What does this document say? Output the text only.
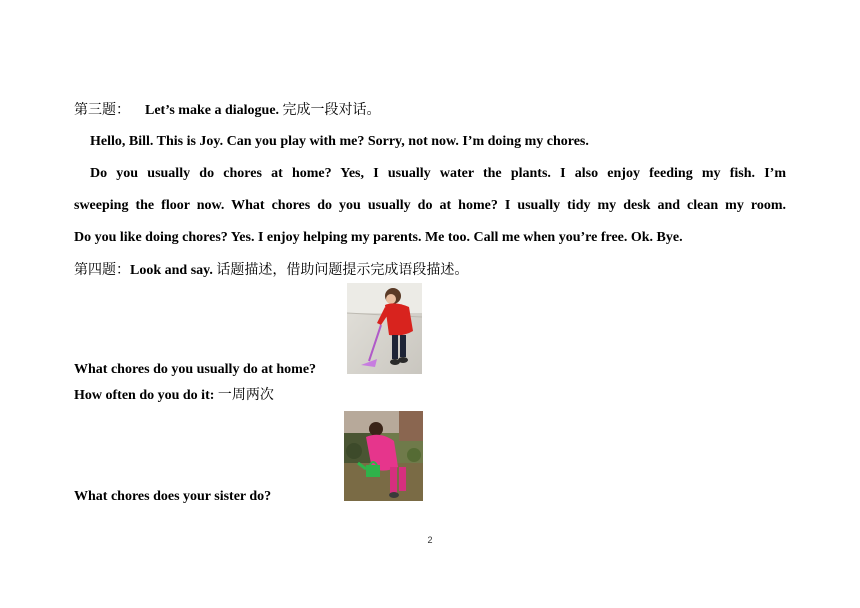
第三题： Let’s make a dialogue. 完成一段对话。
Hello, Bill. This is Joy. Can you play with me? Sorry, not now. I’m doing my chores.
Do you usually do chores at home? Yes, I usually water the plants. I also enjoy feeding my fish. I’m
sweeping the floor now. What chores do you usually do at home? I usually tidy my desk and clean my room.
Do you like doing chores? Yes. I enjoy helping my parents. Me too. Call me when you’re free. Ok. Bye.
第四题：Look and say. 话题描述，借助问题提示完成语段描述。
What chores do you usually do at home?
How often do you do it: 一周两次
What chores does your sister do?
2
